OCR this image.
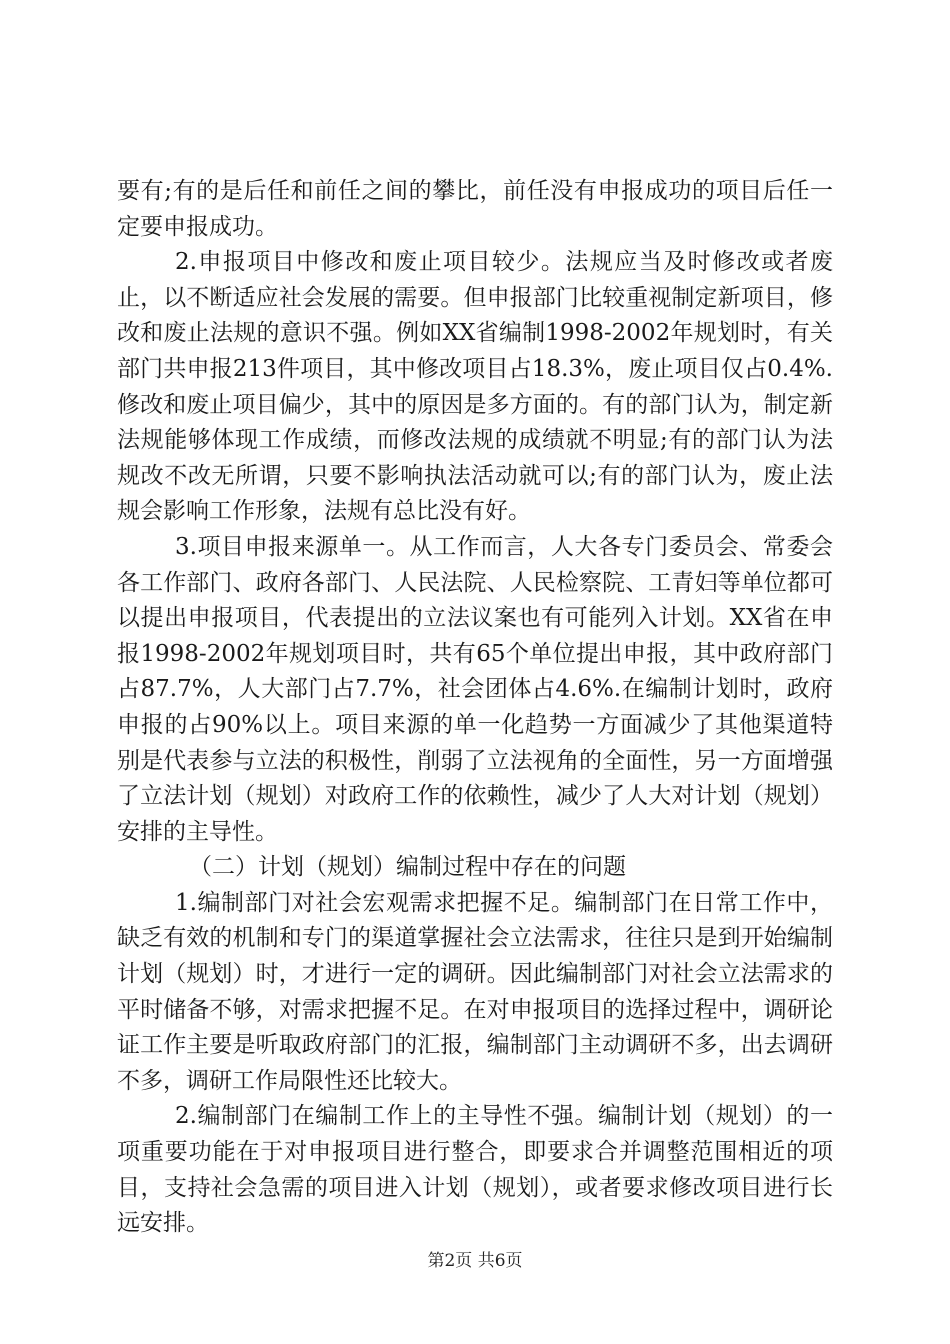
要有;有的是后任和前任之间的攀比，前任没有申报成功的项目后任一定要申报成功。

2.申报项目中修改和废止项目较少。法规应当及时修改或者废止，以不断适应社会发展的需要。但申报部门比较重视制定新项目，修改和废止法规的意识不强。例如XX省编制1998-2002年规划时，有关部门共申报213件项目，其中修改项目占18.3%，废止项目仅占0.4%.修改和废止项目偏少，其中的原因是多方面的。有的部门认为，制定新法规能够体现工作成绩，而修改法规的成绩就不明显;有的部门认为法规改不改无所谓，只要不影响执法活动就可以;有的部门认为，废止法规会影响工作形象，法规有总比没有好。

3.项目申报来源单一。从工作而言，人大各专门委员会、常委会各工作部门、政府各部门、人民法院、人民检察院、工青妇等单位都可以提出申报项目，代表提出的立法议案也有可能列入计划。XX省在申报1998-2002年规划项目时，共有65个单位提出申报，其中政府部门占87.7%，人大部门占7.7%，社会团体占4.6%.在编制计划时，政府申报的占90%以上。项目来源的单一化趋势一方面减少了其他渠道特别是代表参与立法的积极性，削弱了立法视角的全面性，另一方面增强了立法计划（规划）对政府工作的依赖性，减少了人大对计划（规划）安排的主导性。

（二）计划（规划）编制过程中存在的问题

1.编制部门对社会宏观需求把握不足。编制部门在日常工作中，缺乏有效的机制和专门的渠道掌握社会立法需求，往往只是到开始编制计划（规划）时，才进行一定的调研。因此编制部门对社会立法需求的平时储备不够，对需求把握不足。在对申报项目的选择过程中，调研论证工作主要是听取政府部门的汇报，编制部门主动调研不多，出去调研不多，调研工作局限性还比较大。

2.编制部门在编制工作上的主导性不强。编制计划（规划）的一项重要功能在于对申报项目进行整合，即要求合并调整范围相近的项目，支持社会急需的项目进入计划（规划），或者要求修改项目进行长远安排。

第2页 共6页
